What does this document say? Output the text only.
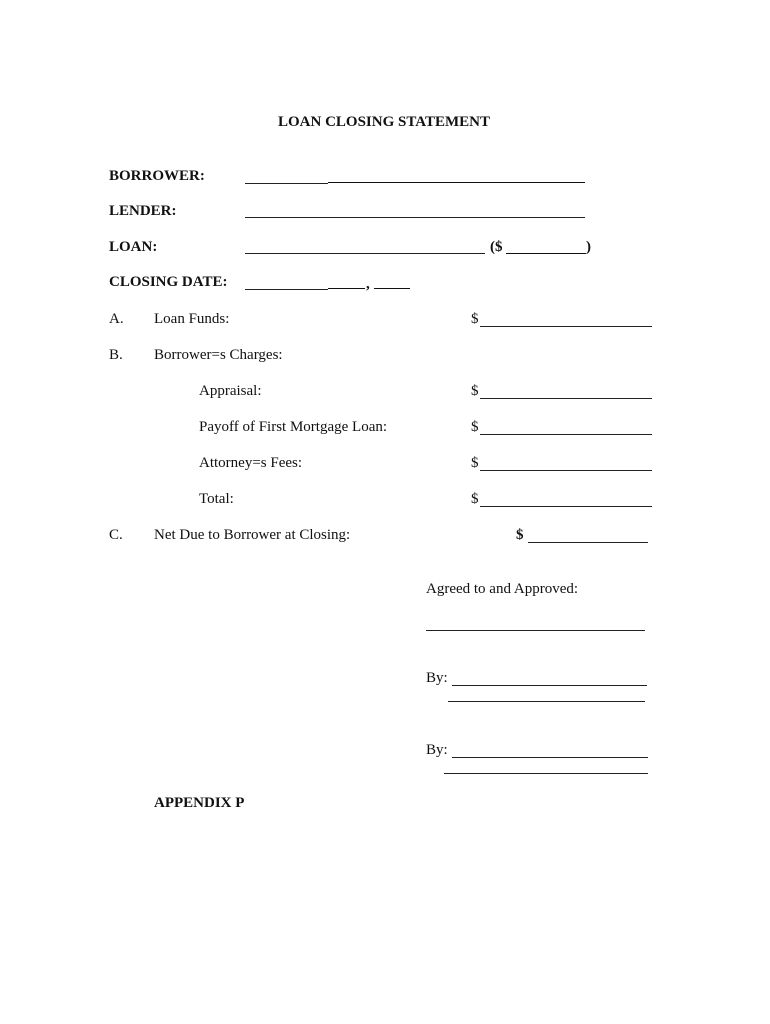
LOAN CLOSING STATEMENT
BORROWER:
LENDER:
LOAN:	($	)
CLOSING DATE:	,
A. Loan Funds:	$
B. Borrower=s Charges:
Appraisal:	$
Payoff of First Mortgage Loan:	$
Attorney=s Fees:	$
Total:	$
C. Net Due to Borrower at Closing:	$
Agreed to and Approved:
By:
By:
APPENDIX P
